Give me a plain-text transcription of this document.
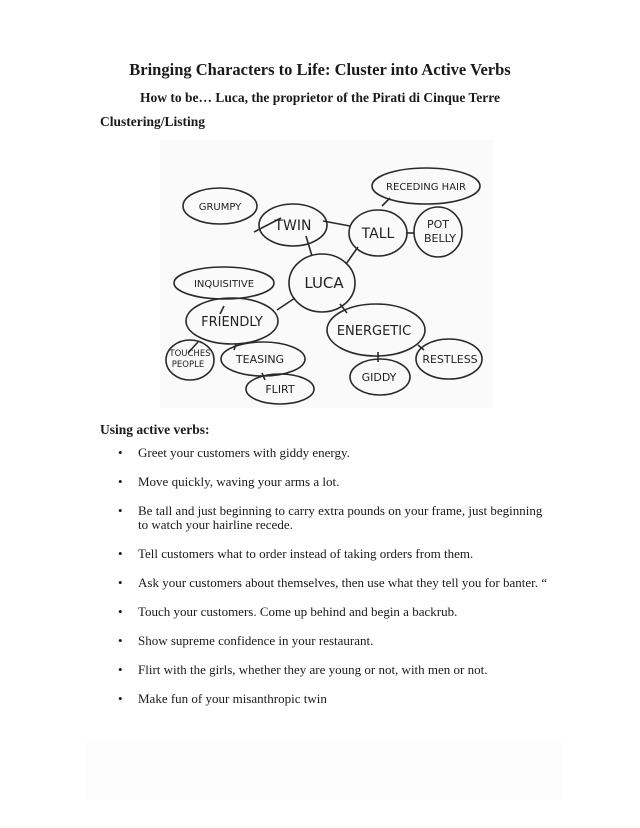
Bringing Characters to Life: Cluster into Active Verbs
How to be… Luca, the proprietor of the Pirati di Cinque Terre
Clustering/Listing
GRUMPY
TWIN
RECEDING HAIR
TALL
POT
BELLY
LUCA
INQUISITIVE
FRIENDLY
ENERGETIC
TOUCHES
PEOPLE	TEASING	RESTLESS
GIDDY
FLIRT
Using active verbs:
• Greet your customers with giddy energy.
• Move quickly, waving your arms a lot.
• Be tall and just beginning to carry extra pounds on your frame, just beginning to watch your hairline recede.
• Tell customers what to order instead of taking orders from them.
• Ask your customers about themselves, then use what they tell you for banter. “
• Touch your customers. Come up behind and begin a backrub.
• Show supreme confidence in your restaurant.
• Flirt with the girls, whether they are young or not, with men or not.
• Make fun of your misanthropic twin
